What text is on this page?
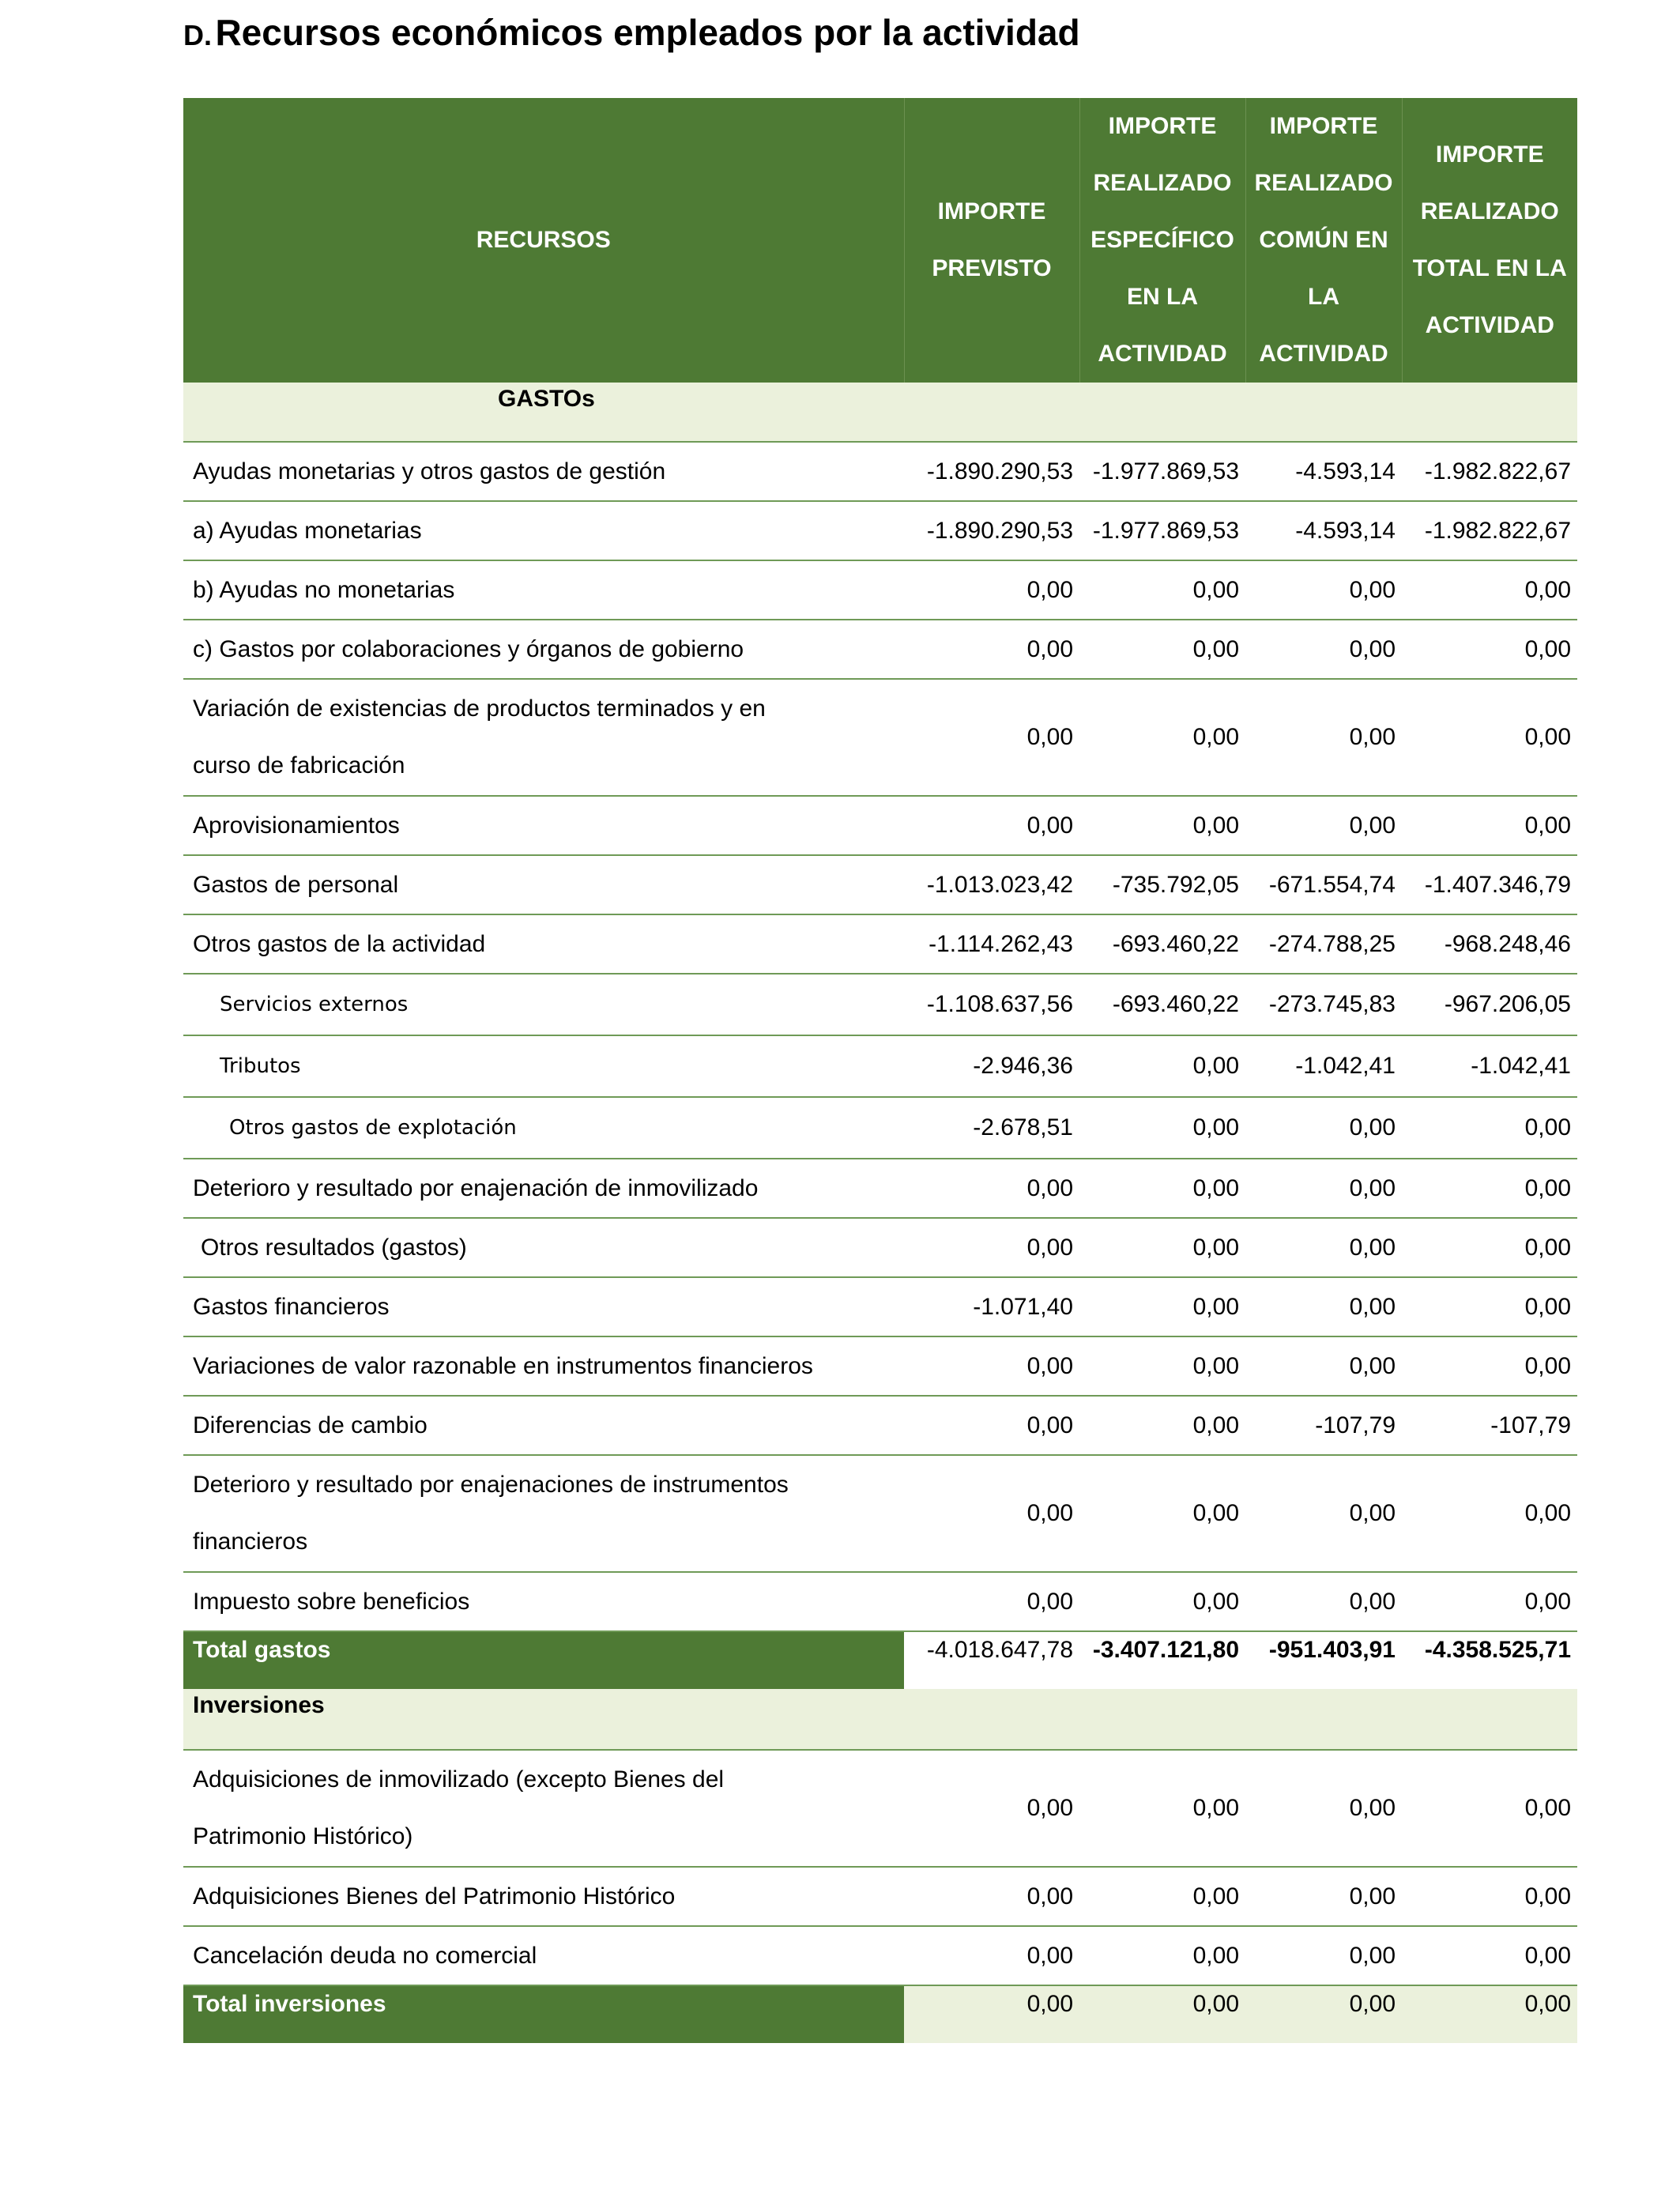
D. Recursos económicos empleados por la actividad
RECURSOS	IMPORTE PREVISTO	IMPORTE REALIZADO ESPECÍFICO EN LA ACTIVIDAD	IMPORTE REALIZADO COMÚN EN LA ACTIVIDAD	IMPORTE REALIZADO TOTAL EN LA ACTIVIDAD
GASTOs				
Ayudas monetarias y otros gastos de gestión	-1.890.290,53	-1.977.869,53	-4.593,14	-1.982.822,67
a) Ayudas monetarias	-1.890.290,53	-1.977.869,53	-4.593,14	-1.982.822,67
b) Ayudas no monetarias	0,00	0,00	0,00	0,00
c) Gastos por colaboraciones y órganos de gobierno	0,00	0,00	0,00	0,00

Variación de existencias de productos terminados y en
curso de fabricación	0,00	0,00	0,00	0,00
Aprovisionamientos	0,00	0,00	0,00	0,00
Gastos de personal	-1.013.023,42	-735.792,05	-671.554,74	-1.407.346,79
Otros gastos de la actividad	-1.114.262,43	-693.460,22	-274.788,25	-968.248,46
Servicios externos	-1.108.637,56	-693.460,22	-273.745,83	-967.206,05
Tributos	-2.946,36	0,00	-1.042,41	-1.042,41
Otros gastos de explotación	-2.678,51	0,00	0,00	0,00
Deterioro y resultado por enajenación de inmovilizado	0,00	0,00	0,00	0,00
Otros resultados (gastos)	0,00	0,00	0,00	0,00
Gastos financieros	-1.071,40	0,00	0,00	0,00
Variaciones de valor razonable en instrumentos financieros	0,00	0,00	0,00	0,00
Diferencias de cambio	0,00	0,00	-107,79	-107,79

Deterioro y resultado por enajenaciones de instrumentos
financieros	0,00	0,00	0,00	0,00
Impuesto sobre beneficios	0,00	0,00	0,00	0,00
Total gastos	-4.018.647,78	-3.407.121,80	-951.403,91	-4.358.525,71
Inversiones				

Adquisiciones de inmovilizado (excepto Bienes del
Patrimonio Histórico)	0,00	0,00	0,00	0,00
Adquisiciones Bienes del Patrimonio Histórico	0,00	0,00	0,00	0,00
Cancelación deuda no comercial	0,00	0,00	0,00	0,00
Total inversiones	0,00	0,00	0,00	0,00
